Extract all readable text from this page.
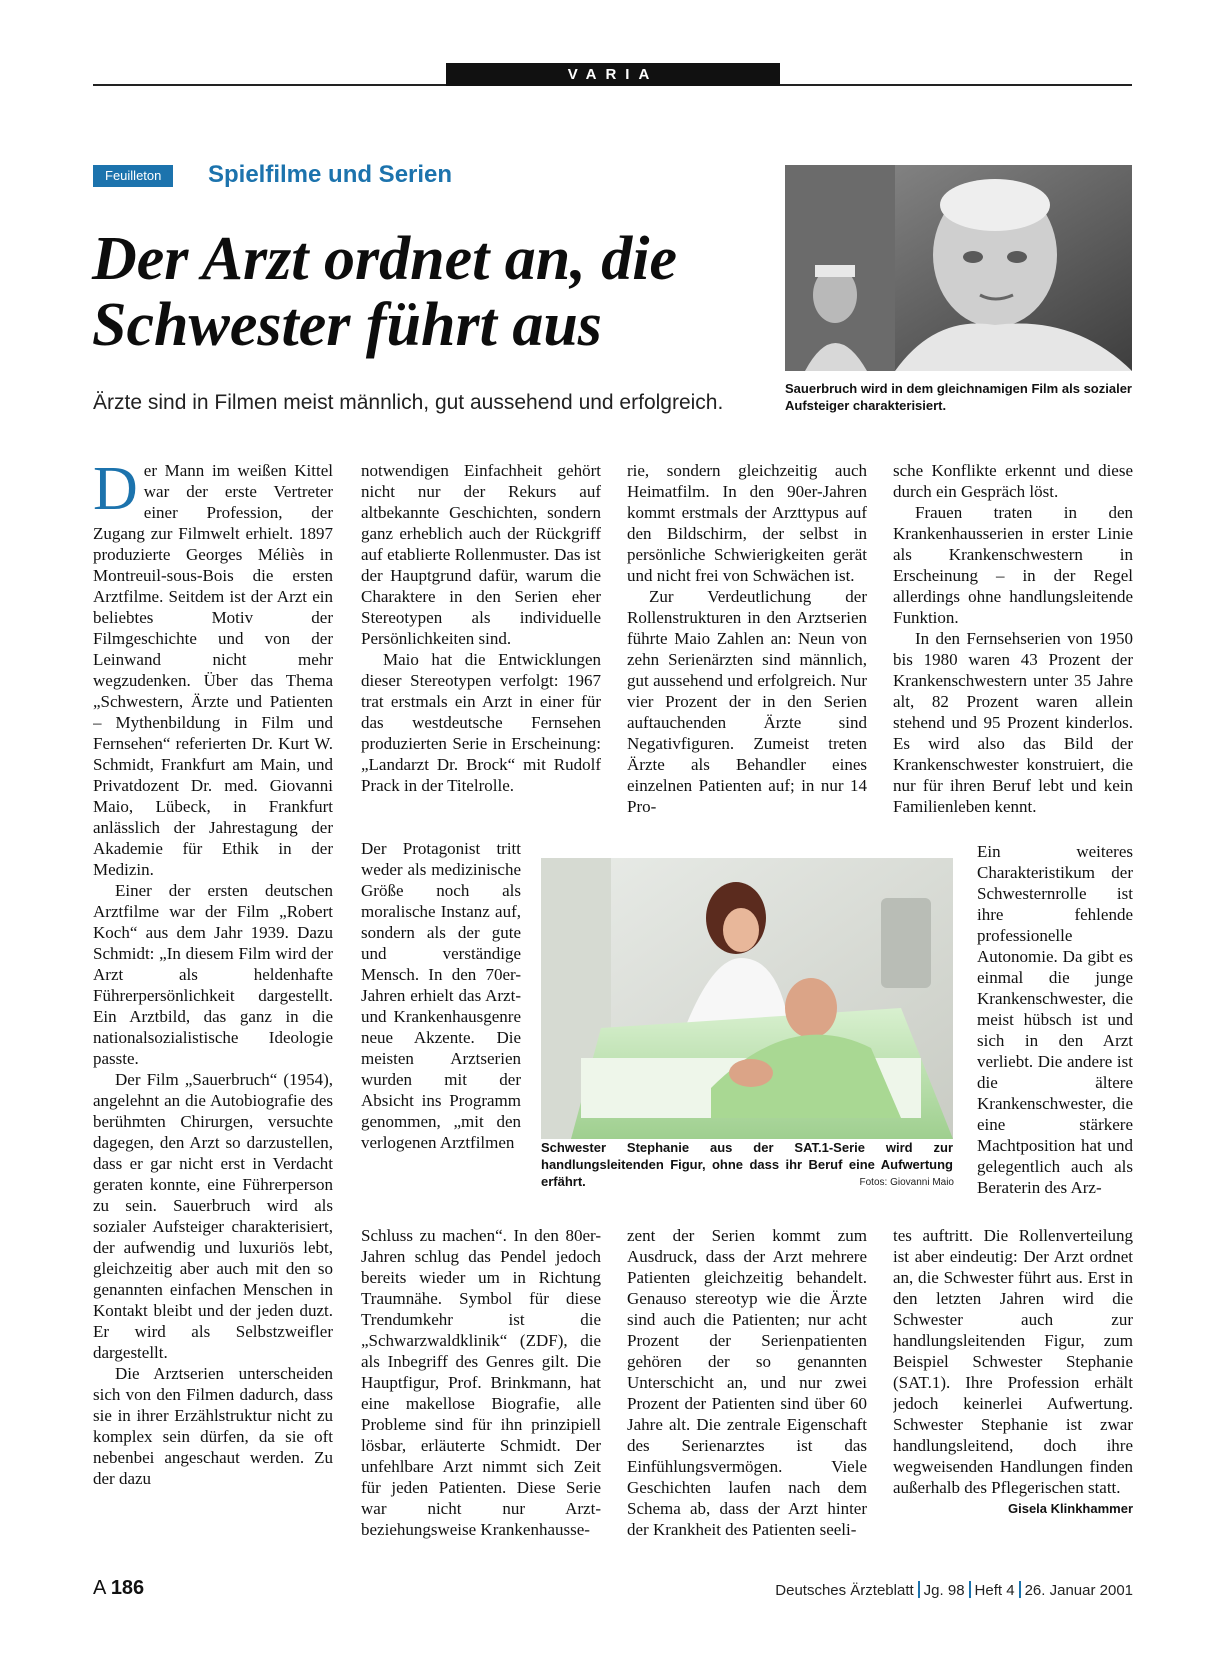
VARIA
Feuilleton	Spielfilme und Serien
Der Arzt ordnet an, die Schwester führt aus
Ärzte sind in Filmen meist männlich, gut aussehend und erfolgreich.
Sauerbruch wird in dem gleichnamigen Film als sozialer Aufsteiger charakterisiert.

Der Mann im weißen Kittel war der erste Vertreter einer Profession, der Zugang zur Filmwelt erhielt. 1897 produzierte Georges Méliès in Montreuil-sous-Bois die ersten Arztfilme. Seitdem ist der Arzt ein beliebtes Motiv der Filmgeschichte und von der Leinwand nicht mehr wegzudenken. Über das Thema „Schwestern, Ärzte und Patienten – Mythenbildung in Film und Fernsehen“ referierten Dr. Kurt W. Schmidt, Frankfurt am Main, und Privatdozent Dr. med. Giovanni Maio, Lübeck, in Frankfurt anlässlich der Jahrestagung der Akademie für Ethik in der Medizin.

Einer der ersten deutschen Arztfilme war der Film „Robert Koch“ aus dem Jahr 1939. Dazu Schmidt: „In diesem Film wird der Arzt als heldenhafte Führerpersönlichkeit dargestellt. Ein Arztbild, das ganz in die nationalsozialistische Ideologie passte.

Der Film „Sauerbruch“ (1954), angelehnt an die Autobiografie des berühmten Chirurgen, versuchte dagegen, den Arzt so darzustellen, dass er gar nicht erst in Verdacht geraten konnte, eine Führerperson zu sein. Sauerbruch wird als sozialer Aufsteiger charakterisiert, der aufwendig und luxuriös lebt, gleichzeitig aber auch mit den so genannten einfachen Menschen in Kontakt bleibt und der jeden duzt. Er wird als Selbstzweifler dargestellt.

Die Arztserien unterscheiden sich von den Filmen dadurch, dass sie in ihrer Erzählstruktur nicht zu komplex sein dürfen, da sie oft nebenbei angeschaut werden. Zu der dazu

notwendigen Einfachheit gehört nicht nur der Rekurs auf altbekannte Geschichten, sondern ganz erheblich auch der Rückgriff auf etablierte Rollenmuster. Das ist der Hauptgrund dafür, warum die Charaktere in den Serien eher Stereotypen als individuelle Persönlichkeiten sind.

Maio hat die Entwicklungen dieser Stereotypen verfolgt: 1967 trat erstmals ein Arzt in einer für das westdeutsche Fernsehen produzierten Serie in Erscheinung: „Landarzt Dr. Brock“ mit Rudolf Prack in der Titelrolle.

Der Protagonist tritt weder als medizinische Größe noch als moralische Instanz auf, sondern als der gute und verständige Mensch. In den 70er-Jahren erhielt das Arzt- und Krankenhausgenre neue Akzente. Die meisten Arztserien wurden mit der Absicht ins Programm genommen, „mit den verlogenen Arztfilmen

Schluss zu machen“. In den 80er-Jahren schlug das Pendel jedoch bereits wieder um in Richtung Traumnähe. Symbol für diese Trendumkehr ist die „Schwarzwaldklinik“ (ZDF), die als Inbegriff des Genres gilt. Die Hauptfigur, Prof. Brinkmann, hat eine makellose Biografie, alle Probleme sind für ihn prinzipiell lösbar, erläuterte Schmidt. Der unfehlbare Arzt nimmt sich Zeit für jeden Patienten. Diese Serie war nicht nur Arzt- beziehungsweise Krankenhausse-

rie, sondern gleichzeitig auch Heimatfilm. In den 90er-Jahren kommt erstmals der Arzttypus auf den Bildschirm, der selbst in persönliche Schwierigkeiten gerät und nicht frei von Schwächen ist.

Zur Verdeutlichung der Rollenstrukturen in den Arztserien führte Maio Zahlen an: Neun von zehn Serienärzten sind männlich, gut aussehend und erfolgreich. Nur vier Prozent der in den Serien auftauchenden Ärzte sind Negativfiguren. Zumeist treten Ärzte als Behandler eines einzelnen Patienten auf; in nur 14 Pro-

zent der Serien kommt zum Ausdruck, dass der Arzt mehrere Patienten gleichzeitig behandelt. Genauso stereotyp wie die Ärzte sind auch die Patienten; nur acht Prozent der Serienpatienten gehören der so genannten Unterschicht an, und nur zwei Prozent der Patienten sind über 60 Jahre alt. Die zentrale Eigenschaft des Serienarztes ist das Einfühlungsvermögen. Viele Geschichten laufen nach dem Schema ab, dass der Arzt hinter der Krankheit des Patienten seeli-

sche Konflikte erkennt und diese durch ein Gespräch löst.

Frauen traten in den Krankenhausserien in erster Linie als Krankenschwestern in Erscheinung – in der Regel allerdings ohne handlungsleitende Funktion.

In den Fernsehserien von 1950 bis 1980 waren 43 Prozent der Krankenschwestern unter 35 Jahre alt, 82 Prozent waren allein stehend und 95 Prozent kinderlos. Es wird also das Bild der Krankenschwester konstruiert, die nur für ihren Beruf lebt und kein Familienleben kennt.

Ein weiteres Charakteristikum der Schwesternrolle ist ihre fehlende professionelle Autonomie. Da gibt es einmal die junge Krankenschwester, die meist hübsch ist und sich in den Arzt verliebt. Die andere ist die ältere Krankenschwester, die eine stärkere Machtposition hat und gelegentlich auch als Beraterin des Arz-

tes auftritt. Die Rollenverteilung ist aber eindeutig: Der Arzt ordnet an, die Schwester führt aus. Erst in den letzten Jahren wird die Schwester auch zur handlungsleitenden Figur, zum Beispiel Schwester Stephanie (SAT.1). Ihre Profession erhält jedoch keinerlei Aufwertung. Schwester Stephanie ist zwar handlungsleitend, doch ihre wegweisenden Handlungen finden außerhalb des Pflegerischen statt.
Gisela Klinkhammer

Schwester Stephanie aus der SAT.1-Serie wird zur handlungsleitenden Figur, ohne dass ihr Beruf eine Aufwertung erfährt.	Fotos: Giovanni Maio
A 186	Deutsches Ärzteblatt Jg. 98 Heft 4 26. Januar 2001
